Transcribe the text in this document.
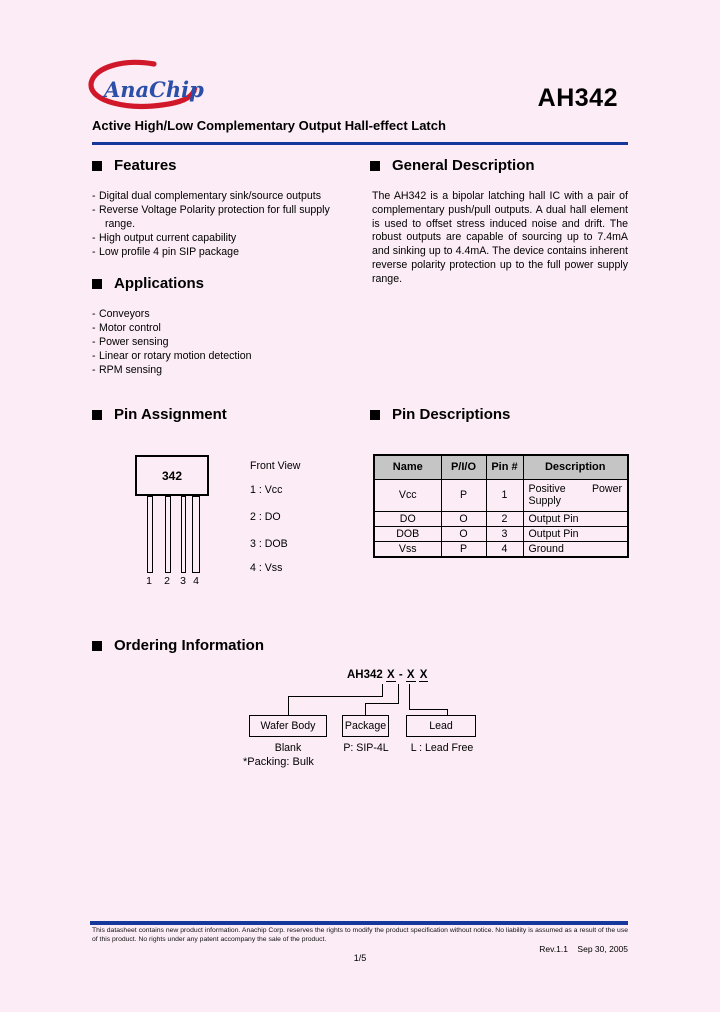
AnaChip	AH342
Active High/Low Complementary Output Hall-effect Latch
Features
- Digital dual complementary sink/source outputs
- Reverse Voltage Polarity protection for full supply range.
- High output current capability
- Low profile 4 pin SIP package
Applications
- Conveyors
- Motor control
- Power sensing
- Linear or rotary motion detection
- RPM sensing
General Description
The AH342 is a bipolar latching hall IC with a pair of complementary push/pull outputs. A dual hall element is used to offset stress induced noise and drift. The robust outputs are capable of sourcing up to 7.4mA and sinking up to 4.4mA. The device contains inherent reverse polarity protection up to the full power supply range.
Pin Assignment
342
1 2 3 4
Front View
1 : Vcc
2 : DO
3 : DOB
4 : Vss
Pin Descriptions
Name	P/I/O	Pin #	Description
Vcc	P	1	Positive Power Supply
DO	O	2	Output Pin
DOB	O	3	Output Pin
Vss	P	4	Ground
Ordering Information
AH342 X - X X
Wafer Body	Package	Lead
Blank	P: SIP-4L	L : Lead Free
*Packing: Bulk
This datasheet contains new product information. Anachip Corp. reserves the rights to modify the product specification without notice. No liability is assumed as a result of the use of this product. No rights under any patent accompany the sale of the product.
Rev.1.1 Sep 30, 2005
1/5
